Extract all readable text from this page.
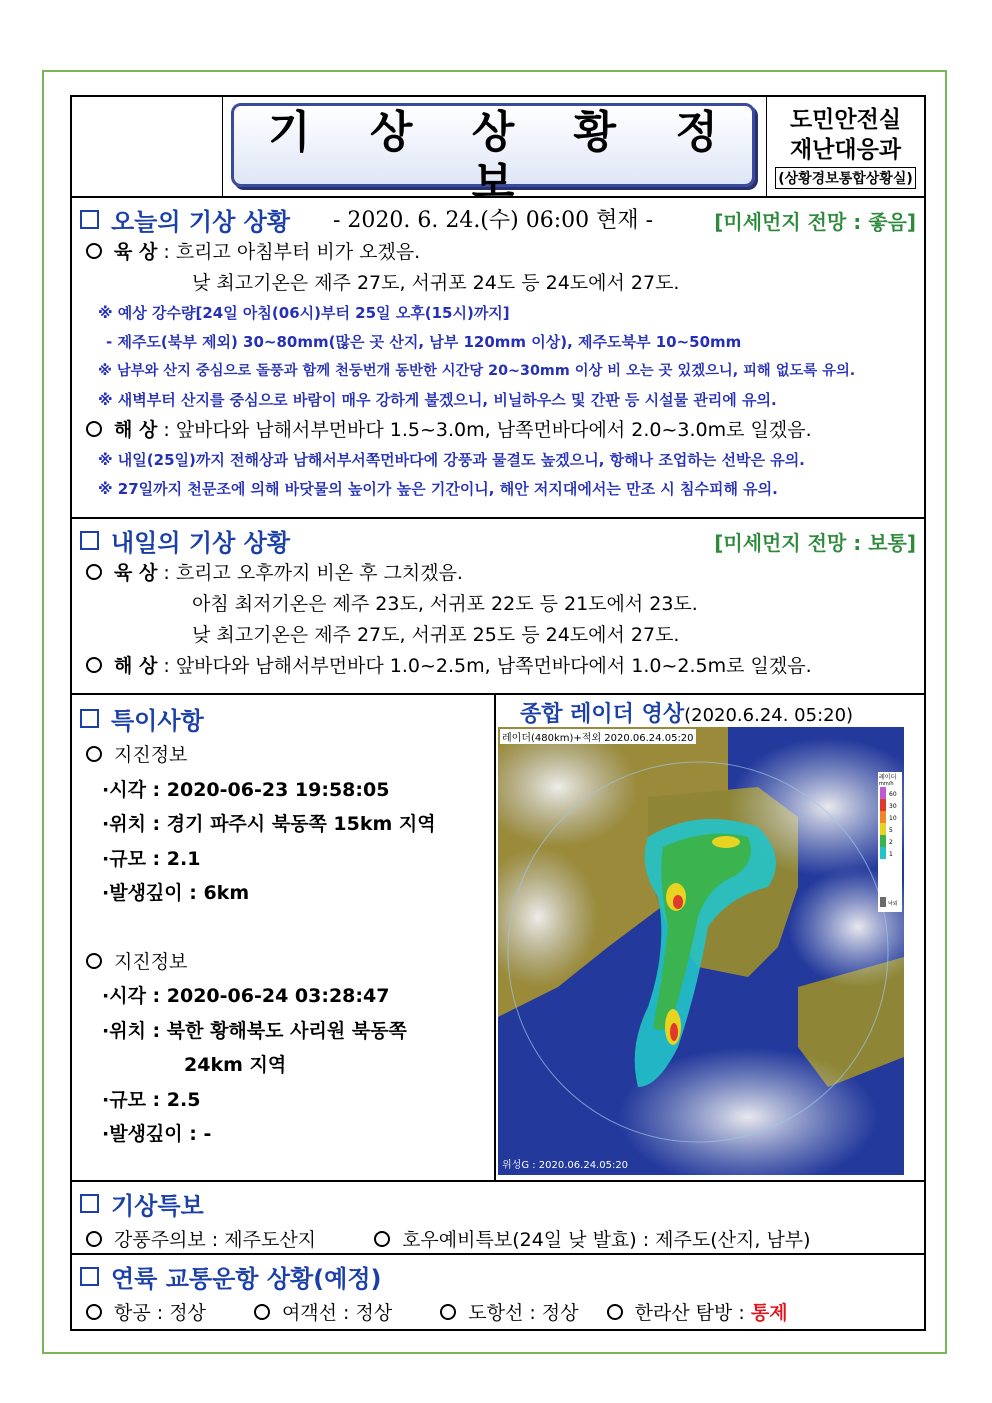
기 상 상 황 정 보
- 2020. 6. 24.(수) 06:00 현재 -
도민안전실
재난대응과
(상황경보통합상황실)
오늘의 기상 상황	[미세먼지 전망 : 좋음]
육 상 : 흐리고 아침부터 비가 오겠음.
낮 최고기온은 제주 27도, 서귀포 24도 등 24도에서 27도.
※ 예상 강수량[24일 아침(06시)부터 25일 오후(15시)까지]
- 제주도(북부 제외) 30~80mm(많은 곳 산지, 남부 120mm 이상), 제주도북부 10~50mm
※ 남부와 산지 중심으로 돌풍과 함께 천둥번개 동반한 시간당 20~30mm 이상 비 오는 곳 있겠으니, 피해 없도록 유의.
※ 새벽부터 산지를 중심으로 바람이 매우 강하게 불겠으니, 비닐하우스 및 간판 등 시설물 관리에 유의.
해 상 : 앞바다와 남해서부먼바다 1.5~3.0m, 남쪽먼바다에서 2.0~3.0m로 일겠음.
※ 내일(25일)까지 전해상과 남해서부서쪽먼바다에 강풍과 물결도 높겠으니, 항해나 조업하는 선박은 유의.
※ 27일까지 천문조에 의해 바닷물의 높이가 높은 기간이니, 해안 저지대에서는 만조 시 침수피해 유의.
내일의 기상 상황	[미세먼지 전망 : 보통]
육 상 : 흐리고 오후까지 비온 후 그치겠음.
아침 최저기온은 제주 23도, 서귀포 22도 등 21도에서 23도.
낮 최고기온은 제주 27도, 서귀포 25도 등 24도에서 27도.
해 상 : 앞바다와 남해서부먼바다 1.0~2.5m, 남쪽먼바다에서 1.0~2.5m로 일겠음.
특이사항
지진정보
·시각 : 2020-06-23 19:58:05
·위치 : 경기 파주시 북동쪽 15km 지역
·규모 : 2.1
·발생깊이 : 6km
지진정보
·시각 : 2020-06-24 03:28:47
·위치 : 북한 황해북도 사리원 북동쪽
24km 지역
·규모 : 2.5
·발생깊이 : -
종합 레이더 영상(2020.6.24. 05:20)
레이더
mm/h
60
30
10
5
2
1
낙뢰
레이더(480km)+적외 2020.06.24.05:20
위성G : 2020.06.24.05:20
기상특보
강풍주의보 : 제주도산지	호우예비특보(24일 낮 발효) : 제주도(산지, 남부)
연륙 교통운항 상황(예정)
항공 : 정상	여객선 : 정상	도항선 : 정상	한라산 탐방 : 통제
